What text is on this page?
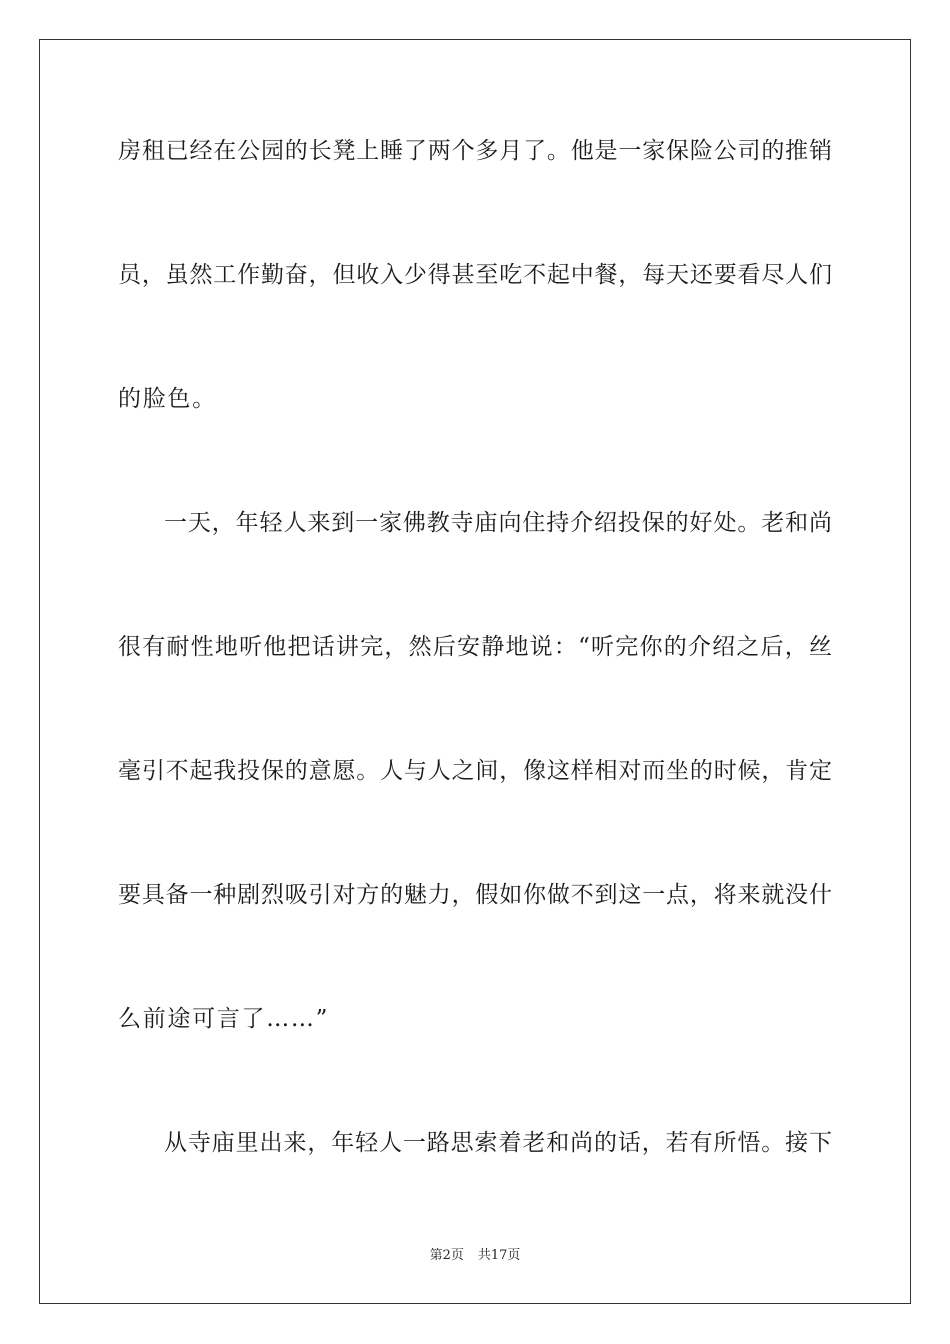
房租已经在公园的长凳上睡了两个多月了。他是一家保险公司的推销
员，虽然工作勤奋，但收入少得甚至吃不起中餐，每天还要看尽人们
的脸色。
一天，年轻人来到一家佛教寺庙向住持介绍投保的好处。老和尚
很有耐性地听他把话讲完，然后安静地说：“听完你的介绍之后，丝
毫引不起我投保的意愿。人与人之间，像这样相对而坐的时候，肯定
要具备一种剧烈吸引对方的魅力，假如你做不到这一点，将来就没什
么前途可言了……”
从寺庙里出来，年轻人一路思索着老和尚的话，若有所悟。接下
第2页 共17页
